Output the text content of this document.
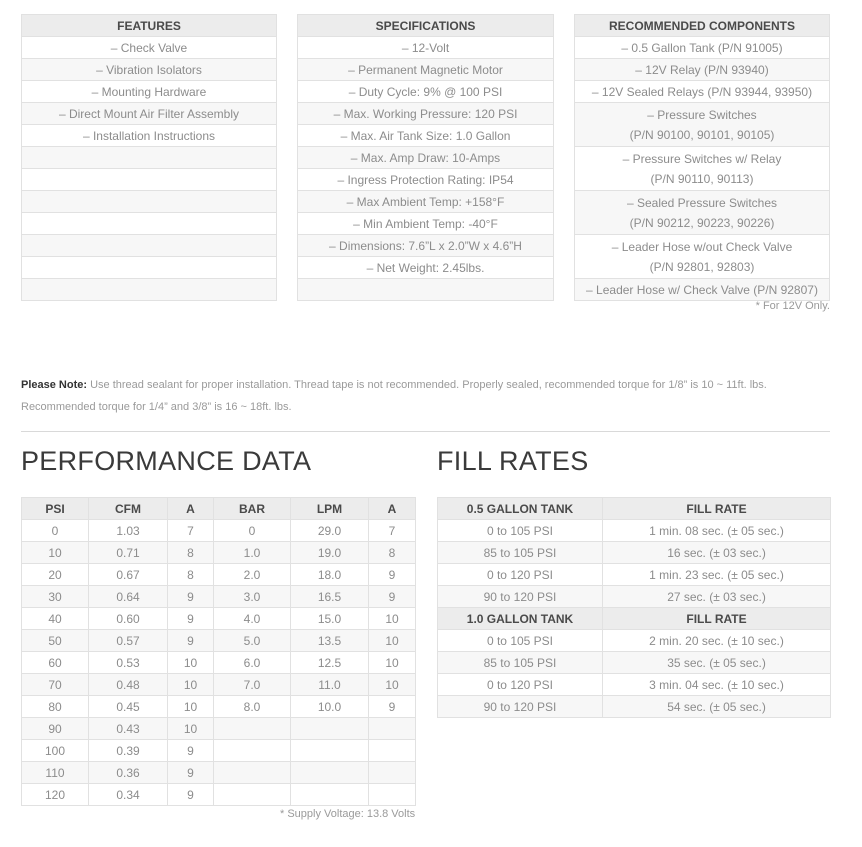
FEATURES
– Check Valve
– Vibration Isolators
– Mounting Hardware
– Direct Mount Air Filter Assembly
– Installation Instructions

SPECIFICATIONS
– 12-Volt
– Permanent Magnetic Motor
– Duty Cycle: 9% @ 100 PSI
– Max. Working Pressure: 120 PSI
– Max. Air Tank Size: 1.0 Gallon
– Max. Amp Draw: 10-Amps
– Ingress Protection Rating: IP54
– Max Ambient Temp: +158°F
– Min Ambient Temp: -40°F
– Dimensions: 7.6”L x 2.0”W x 4.6”H
– Net Weight: 2.45lbs.

RECOMMENDED COMPONENTS

– 0.5 Gallon Tank (P/N 91005)

– 12V Relay (P/N 93940)

– 12V Sealed Relays (P/N 93944, 93950)

– Pressure Switches
(P/N 90100, 90101, 90105)

– Pressure Switches w/ Relay
(P/N 90110, 90113)

– Sealed Pressure Switches
(P/N 90212, 90223, 90226)

– Leader Hose w/out Check Valve
(P/N 92801, 92803)

– Leader Hose w/ Check Valve (P/N 92807)
* For 12V Only.
Please Note: Use thread sealant for proper installation. Thread tape is not recommended. Properly sealed, recommended torque for 1/8” is 10 ~ 11ft. lbs. Recommended torque for 1/4” and 3/8” is 16 ~ 18ft. lbs.
PERFORMANCE DATA	FILL RATES
PSI	CFM	A	BAR	LPM	A
0	1.03	7	0	29.0	7
10	0.71	8	1.0	19.0	8
20	0.67	8	2.0	18.0	9
30	0.64	9	3.0	16.5	9
40	0.60	9	4.0	15.0	10
50	0.57	9	5.0	13.5	10
60	0.53	10	6.0	12.5	10
70	0.48	10	7.0	11.0	10
80	0.45	10	8.0	10.0	9
90	0.43	10			
100	0.39	9			
110	0.36	9			
120	0.34	9			
* Supply Voltage: 13.8 Volts
0.5 GALLON TANK	FILL RATE
0 to 105 PSI	1 min. 08 sec. (± 05 sec.)
85 to 105 PSI	16 sec. (± 03 sec.)
0 to 120 PSI	1 min. 23 sec. (± 05 sec.)
90 to 120 PSI	27 sec. (± 03 sec.)
1.0 GALLON TANK	FILL RATE
0 to 105 PSI	2 min. 20 sec. (± 10 sec.)
85 to 105 PSI	35 sec. (± 05 sec.)
0 to 120 PSI	3 min. 04 sec. (± 10 sec.)
90 to 120 PSI	54 sec. (± 05 sec.)
